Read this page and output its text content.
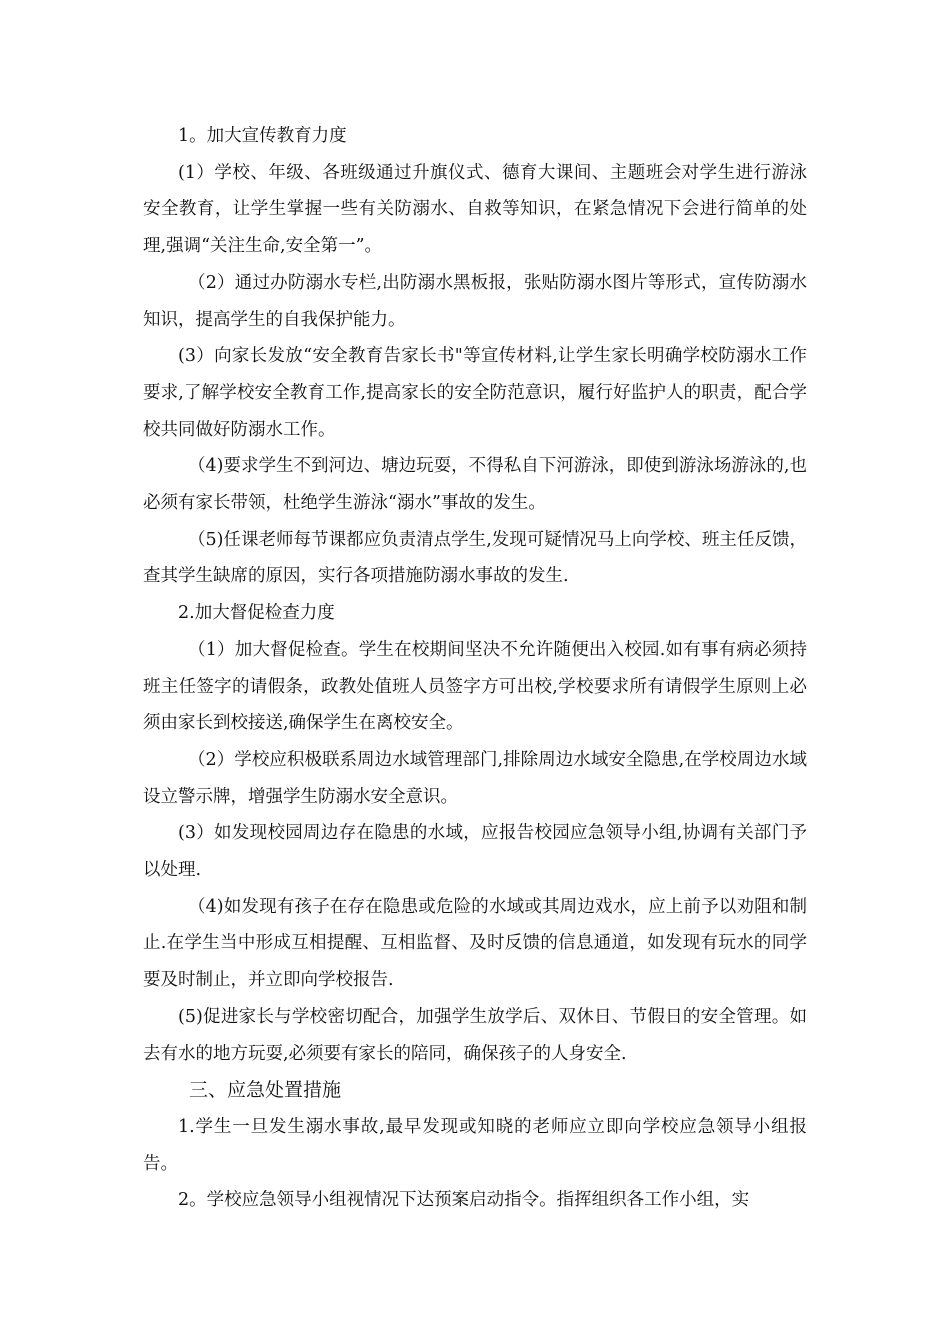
1。加大宣传教育力度

(1）学校、年级、各班级通过升旗仪式、德育大课间、主题班会对学生进行游泳安全教育，让学生掌握一些有关防溺水、自救等知识，在紧急情况下会进行简单的处理,强调“关注生命,安全第一”。

（2）通过办防溺水专栏,出防溺水黑板报，张贴防溺水图片等形式，宣传防溺水知识，提高学生的自我保护能力。

(3）向家长发放“安全教育告家长书"等宣传材料,让学生家长明确学校防溺水工作要求,了解学校安全教育工作,提高家长的安全防范意识，履行好监护人的职责，配合学校共同做好防溺水工作。

（4)要求学生不到河边、塘边玩耍，不得私自下河游泳，即使到游泳场游泳的,也必须有家长带领，杜绝学生游泳“溺水”事故的发生。

（5)任课老师每节课都应负责清点学生,发现可疑情况马上向学校、班主任反馈，查其学生缺席的原因，实行各项措施防溺水事故的发生.

2.加大督促检查力度

（1）加大督促检查。学生在校期间坚决不允许随便出入校园.如有事有病必须持班主任签字的请假条，政教处值班人员签字方可出校,学校要求所有请假学生原则上必须由家长到校接送,确保学生在离校安全。

（2）学校应积极联系周边水域管理部门,排除周边水域安全隐患,在学校周边水域设立警示牌，增强学生防溺水安全意识。

(3）如发现校园周边存在隐患的水域，应报告校园应急领导小组,协调有关部门予以处理.

（4)如发现有孩子在存在隐患或危险的水域或其周边戏水，应上前予以劝阻和制止.在学生当中形成互相提醒、互相监督、及时反馈的信息通道，如发现有玩水的同学要及时制止，并立即向学校报告.

(5)促进家长与学校密切配合，加强学生放学后、双休日、节假日的安全管理。如去有水的地方玩耍,必须要有家长的陪同，确保孩子的人身安全.

三、应急处置措施

1.学生一旦发生溺水事故,最早发现或知晓的老师应立即向学校应急领导小组报告。

2。学校应急领导小组视情况下达预案启动指令。指挥组织各工作小组，实
